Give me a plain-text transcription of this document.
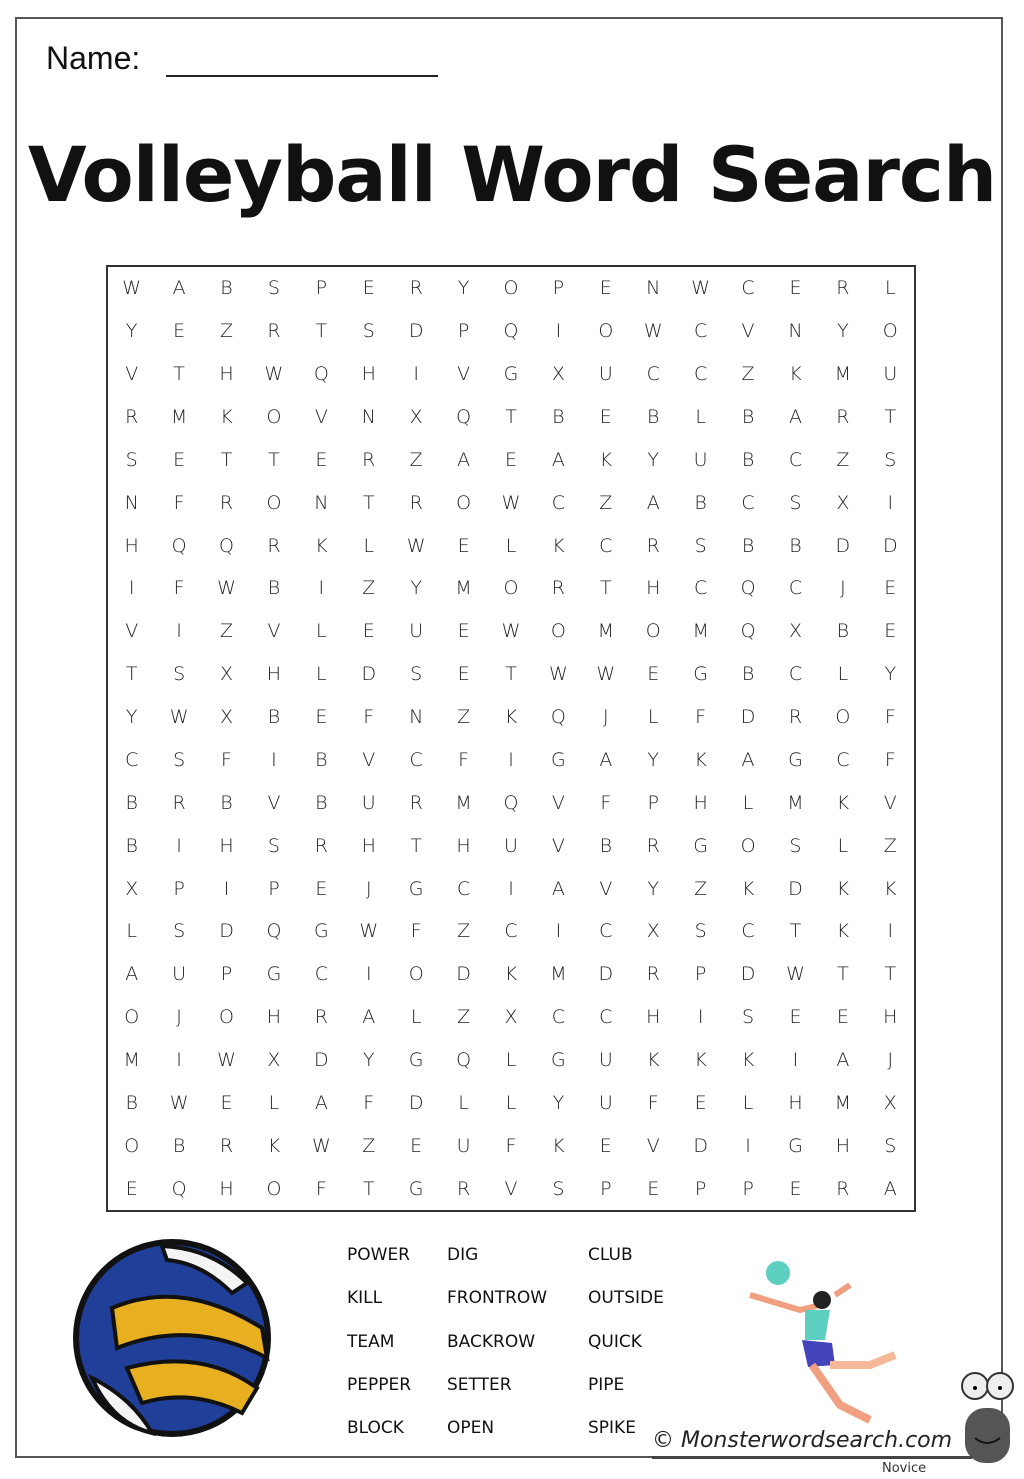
Name:
Volleyball Word Search
W	A	B	S	P	E	R	Y	O	P	E	N	W	C	E	R	L
Y	E	Z	R	T	S	D	P	Q	I	O	W	C	V	N	Y	O
V	T	H	W	Q	H	I	V	G	X	U	C	C	Z	K	M	U
R	M	K	O	V	N	X	Q	T	B	E	B	L	B	A	R	T
S	E	T	T	E	R	Z	A	E	A	K	Y	U	B	C	Z	S
N	F	R	O	N	T	R	O	W	C	Z	A	B	C	S	X	I
H	Q	Q	R	K	L	W	E	L	K	C	R	S	B	B	D	D
I	F	W	B	I	Z	Y	M	O	R	T	H	C	Q	C	J	E
V	I	Z	V	L	E	U	E	W	O	M	O	M	Q	X	B	E
T	S	X	H	L	D	S	E	T	W	W	E	G	B	C	L	Y
Y	W	X	B	E	F	N	Z	K	Q	J	L	F	D	R	O	F
C	S	F	I	B	V	C	F	I	G	A	Y	K	A	G	C	F
B	R	B	V	B	U	R	M	Q	V	F	P	H	L	M	K	V
B	I	H	S	R	H	T	H	U	V	B	R	G	O	S	L	Z
X	P	I	P	E	J	G	C	I	A	V	Y	Z	K	D	K	K
L	S	D	Q	G	W	F	Z	C	I	C	X	S	C	T	K	I
A	U	P	G	C	I	O	D	K	M	D	R	P	D	W	T	T
O	J	O	H	R	A	L	Z	X	C	C	H	I	S	E	E	H
M	I	W	X	D	Y	G	Q	L	G	U	K	K	K	I	A	J
B	W	E	L	A	F	D	L	L	Y	U	F	E	L	H	M	X
O	B	R	K	W	Z	E	U	F	K	E	V	D	I	G	H	S
E	Q	H	O	F	T	G	R	V	S	P	E	P	P	E	R	A
POWER
KILL
TEAM
PEPPER
BLOCK
DIG
FRONTROW
BACKROW
SETTER
OPEN
CLUB
OUTSIDE
QUICK
PIPE
SPIKE © Monsterwordsearch.com
Novice
